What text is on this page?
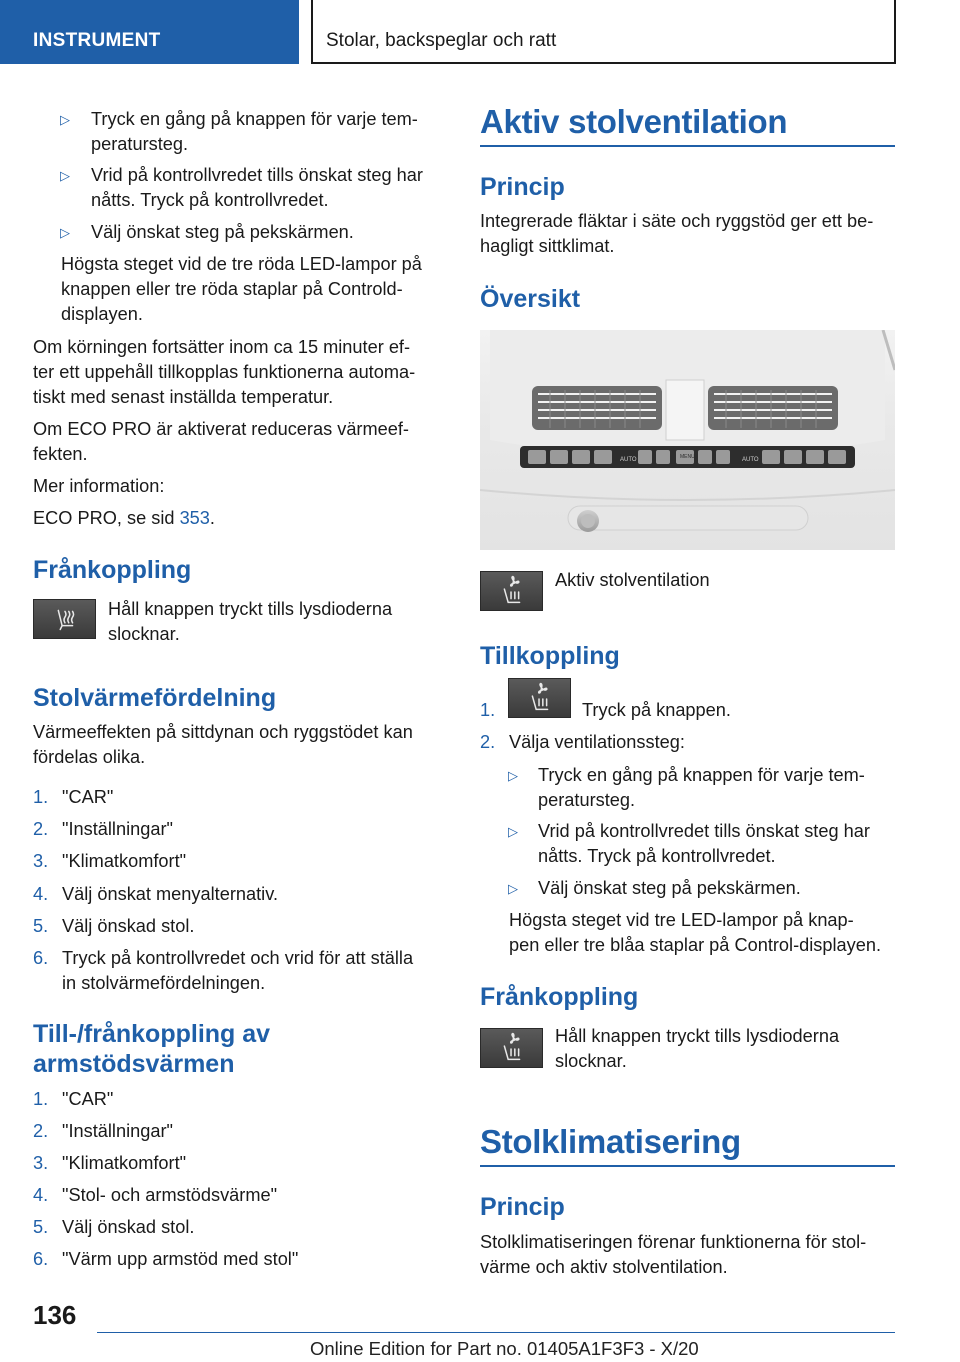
INSTRUMENT	Stolar, backspeglar och ratt
▷ Tryck en gång på knappen för varje tem-
peratursteg.
▷ Vrid på kontrollvredet tills önskat steg har
nåtts. Tryck på kontrollvredet.
▷ Välj önskat steg på pekskärmen.
Högsta steget vid de tre röda LED-lampor på
knappen eller tre röda staplar på Controld-
displayen.
Om körningen fortsätter inom ca 15 minuter ef-
ter ett uppehåll tillkopplas funktionerna automa-
tiskt med senast inställda temperatur.
Om ECO PRO är aktiverat reduceras värmeef-
fekten.
Mer information:
ECO PRO, se sid 353.
Frånkoppling
Håll knappen tryckt tills lysdioderna
slocknar.
Stolvärmefördelning
Värmeeffekten på sittdynan och ryggstödet kan
fördelas olika.
1. "CAR"
2. "Inställningar"
3. "Klimatkomfort"
4. Välj önskat menyalternativ.
5. Välj önskad stol.
6. Tryck på kontrollvredet och vrid för att ställa
in stolvärmefördelningen.
Till-/frånkoppling av
armstödsvärmen
1. "CAR"
2. "Inställningar"
3. "Klimatkomfort"
4. "Stol- och armstödsvärme"
5. Välj önskad stol.
6. "Värm upp armstöd med stol"
Aktiv stolventilation
Princip
Integrerade fläktar i säte och ryggstöd ger ett be-
hagligt sittklimat.
Översikt
AUTO	MENU	AUTO
Aktiv stolventilation
Tillkoppling
1.	Tryck på knappen.
2. Välja ventilationssteg:
▷ Tryck en gång på knappen för varje tem-
peratursteg.
▷ Vrid på kontrollvredet tills önskat steg har
nåtts. Tryck på kontrollvredet.
▷ Välj önskat steg på pekskärmen.
Högsta steget vid tre LED-lampor på knap-
pen eller tre blåa staplar på Control-displayen.
Frånkoppling
Håll knappen tryckt tills lysdioderna
slocknar.
Stolklimatisering
Princip
Stolklimatiseringen förenar funktionerna för stol-
värme och aktiv stolventilation.
136
Online Edition for Part no. 01405A1F3F3 - X/20
